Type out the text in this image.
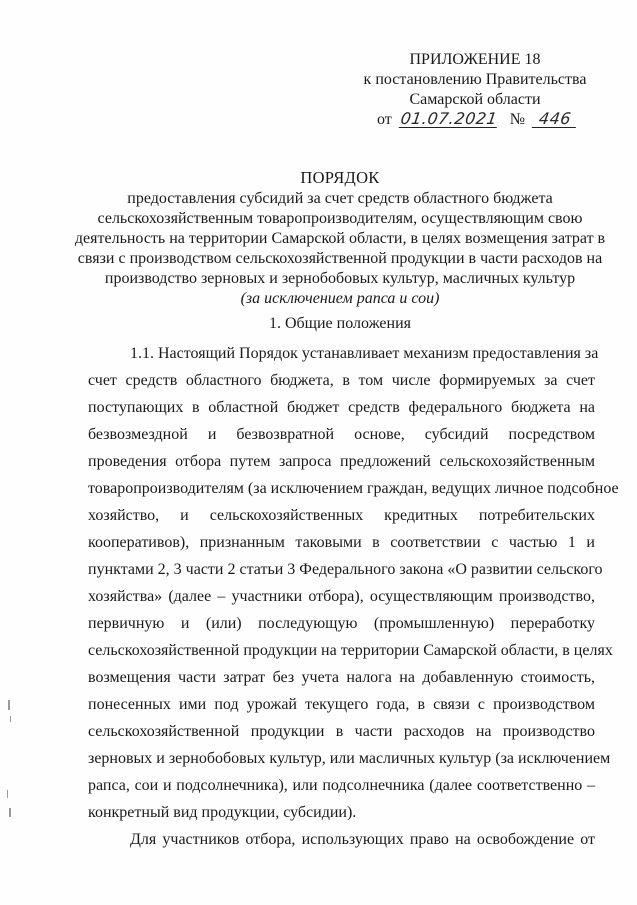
ПРИЛОЖЕНИЕ 18
к постановлению Правительства
Самарской области
от 01.07.2021 № 446
ПОРЯДОК
предоставления субсидий за счет средств областного бюджета
сельскохозяйственным товаропроизводителям, осуществляющим свою
деятельность на территории Самарской области, в целях возмещения затрат в
связи с производством сельскохозяйственной продукции в части расходов на
производство зерновых и зернобобовых культур, масличных культур
(за исключением рапса и сои)
1. Общие положения
1.1. Настоящий Порядок устанавливает механизм предоставления за
счет средств областного бюджета, в том числе формируемых за счет
поступающих в областной бюджет средств федерального бюджета на
безвозмездной и безвозвратной основе, субсидий посредством
проведения отбора путем запроса предложений сельскохозяйственным
товаропроизводителям (за исключением граждан, ведущих личное подсобное
хозяйство, и сельскохозяйственных кредитных потребительских
кооперативов), признанным таковыми в соответствии с частью 1 и
пунктами 2, 3 части 2 статьи 3 Федерального закона «О развитии сельского
хозяйства» (далее – участники отбора), осуществляющим производство,
первичную и (или) последующую (промышленную) переработку
сельскохозяйственной продукции на территории Самарской области, в целях
возмещения части затрат без учета налога на добавленную стоимость,
понесенных ими под урожай текущего года, в связи с производством
сельскохозяйственной продукции в части расходов на производство
зерновых и зернобобовых культур, или масличных культур (за исключением
рапса, сои и подсолнечника), или подсолнечника (далее соответственно –
конкретный вид продукции, субсидии).
Для участников отбора, использующих право на освобождение от
